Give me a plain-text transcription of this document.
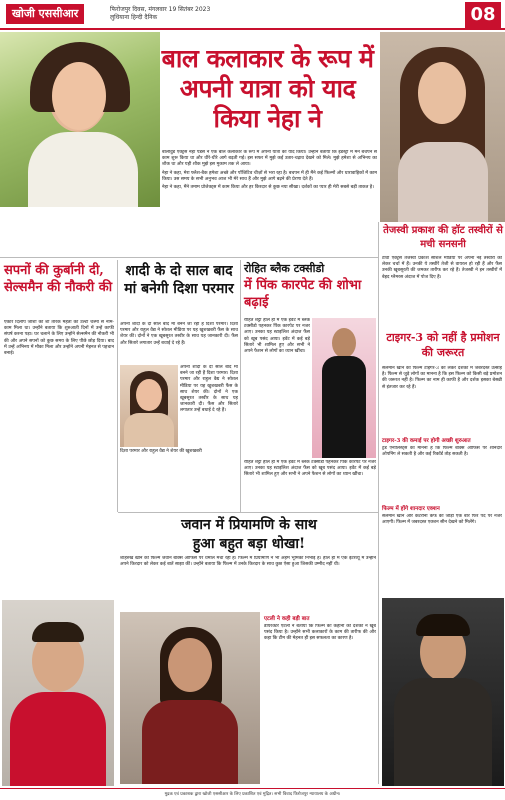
खोजी एससीआर	फिरोजपुर दिवस, मंगलवार 19 सितंबर 2023
लुधियाना हिन्दी दैनिक	08
बाल कलाकार के रूप में अपनी यात्रा को याद किया नेहा ने
तेजस्वी प्रकाश की हॉट तस्वीरों से मची सनसनी

बालीवुड एक्ट्रेस नेहा पेंडसे ने एक बाल कलाकार के रूप में अपनी यात्रा को याद किया। उन्होंने बताया कि इंडस्ट्री में मैंने बचपन से काम शुरू किया था और धीरे-धीरे आगे बढ़ती गई। इस सफर में मुझे कई उतार-चढ़ाव देखने को मिले। मुझे हमेशा से अभिनय का शौक था और यही शौक मुझे इस मुकाम तक ले आया।

नेहा ने कहा, मेरा फ्लैश-बैक हमेशा अच्छे और पॉजिटिव चीज़ों से भरा रहा है। बचपन में ही मैंने कई फिल्मों और धारावाहिकों में काम किया। उस समय के सभी अनुभव आज भी मेरे साथ हैं और मुझे आगे बढ़ने की प्रेरणा देते हैं।

नेहा ने कहा, मैंने तमाम प्रोजेक्ट्स में काम किया और हर किरदार से कुछ नया सीखा। दर्शकों का प्यार ही मेरी सबसे बड़ी ताकत है।

टीवी एक्ट्रेस तेजस्वी प्रकाश सोशल मीडिया पर अपनी नई तस्वीरों को लेकर चर्चा में हैं। उनकी ये तस्वीरें तेजी से वायरल हो रही हैं और फैंस उनकी खूबसूरती की जमकर तारीफ कर रहे हैं। तेजस्वी ने इन तस्वीरों में बेहद ग्लैमरस अंदाज में पोज दिए हैं।
टाइगर-3 को नहीं है प्रमोशन की जरूरत
सलमान खान की फिल्म टाइगर-3 को लेकर दर्शकों में जबरदस्त उत्साह है। फिल्म से जुड़े लोगों का मानना है कि इस फिल्म को किसी बड़े प्रमोशन की जरूरत नहीं है। फिल्म का नाम ही काफी है और दर्शक इसका बेसब्री से इंतजार कर रहे हैं।
टाइगर-3 की कमाई पर होगी अच्छी शुरुआत
ट्रेड एनालिस्ट्स का मानना है कि फिल्म बॉक्स ऑफिस पर शानदार ओपनिंग ले सकती है और कई रिकॉर्ड तोड़ सकती है।
फिल्म में होंगे शानदार एक्शन
सलमान खान और कटरीना कैफ की जोड़ी एक बार फिर पर्दे पर नजर आएगी। फिल्म में जबरदस्त एक्शन सीन देखने को मिलेंगे।
सपनों की कुर्बानी दी, सेल्समैन की नौकरी की
एक्टर दिलीप जोशी का शो तारक मेहता का उल्टा चश्मा से नाम-काम मिला था। उन्होंने बताया कि शुरुआती दिनों में उन्हें काफी संघर्ष करना पड़ा। घर चलाने के लिए उन्होंने सेल्समैन की नौकरी भी की और अपने सपनों को कुछ समय के लिए पीछे छोड़ दिया। बाद में उन्हें अभिनय में मौका मिला और उन्होंने अपनी मेहनत से पहचान बनाई।
शादी के दो साल बाद मां बनेगी दिशा परमार
अपनी शादी के दो साल बाद मां बनने जा रही हैं दिशा परमार। दिशा परमार और राहुल वैद्य ने सोशल मीडिया पर यह खुशखबरी फैंस के साथ शेयर की। दोनों ने एक खूबसूरत तस्वीर के साथ यह जानकारी दी। फैंस और सितारे लगातार उन्हें बधाई दे रहे हैं।
अपनी शादी के दो साल बाद मां बनने जा रही हैं दिशा परमार। दिशा परमार और राहुल वैद्य ने सोशल मीडिया पर यह खुशखबरी फैंस के साथ शेयर की। दोनों ने एक खूबसूरत तस्वीर के साथ यह जानकारी दी। फैंस और सितारे लगातार उन्हें बधाई दे रहे हैं।
दिशा परमार और राहुल वैद्य ने शेयर की खुशखबरी
रोहित ब्लैक टक्सीडो
में पिंक कारपेट की शोभा बढ़ाई
रोहित शेट्टी हाल ही में एक इवेंट में ब्लैक टक्सीडो पहनकर पिंक कारपेट पर नजर आए। उनका यह स्टाइलिश अंदाज फैंस को खूब पसंद आया। इवेंट में कई बड़े सितारे भी शामिल हुए और सभी ने अपने फैशन से लोगों का ध्यान खींचा।
रोहित शेट्टी हाल ही में एक इवेंट में ब्लैक टक्सीडो पहनकर पिंक कारपेट पर नजर आए। उनका यह स्टाइलिश अंदाज फैंस को खूब पसंद आया। इवेंट में कई बड़े सितारे भी शामिल हुए और सभी ने अपने फैशन से लोगों का ध्यान खींचा।
जवान में प्रियामणि के साथ
हुआ बहुत बड़ा धोखा!
शाहरुख खान की फिल्म जवान बॉक्स ऑफिस पर धमाल मचा रही है। फिल्म में प्रियामणि ने भी अहम भूमिका निभाई है। हाल ही में एक इंटरव्यू में उन्होंने अपने किरदार को लेकर कई बातें साझा कीं। उन्होंने बताया कि फिल्म में उनके किरदार के साथ कुछ ऐसा हुआ जिसकी उम्मीद नहीं थी।
एटली ने कही बड़ी बात
डायरेक्टर एटली ने बताया कि फिल्म की कहानी को दर्शकों ने खूब पसंद किया है। उन्होंने सभी कलाकारों के काम की तारीफ की और कहा कि टीम की मेहनत ही इस सफलता का कारण है।
मुद्रक एवं प्रकाशक द्वारा खोजी एससीआर के लिए प्रकाशित एवं मुद्रित। सभी विवाद फिरोजपुर न्यायालय के अधीन।
